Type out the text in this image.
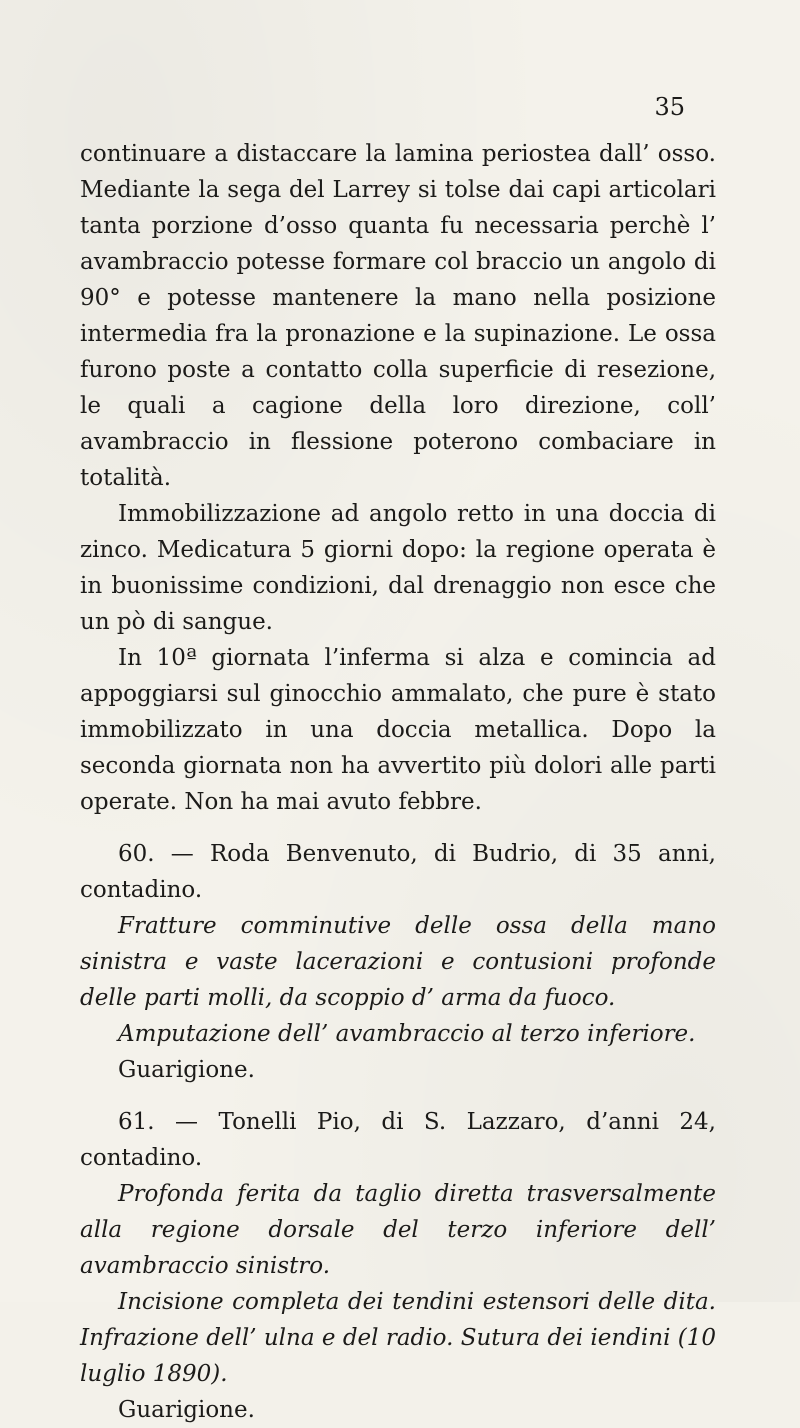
35

continuare a distaccare la lamina periostea dall’ osso. Mediante la sega del Larrey si tolse dai capi articolari tanta porzione d’osso quanta fu necessaria perchè l’ avambraccio potesse formare col braccio un angolo di 90° e potesse mantenere la mano nella posizione intermedia fra la pronazione e la supinazione. Le ossa furono poste a contatto colla superficie di resezione, le quali a cagione della loro direzione, coll’ avambraccio in flessione poterono combaciare in totalità.

Immobilizzazione ad angolo retto in una doccia di zinco. Medicatura 5 giorni dopo: la regione operata è in buonissime condizioni, dal drenaggio non esce che un pò di sangue.

In 10ª giornata l’inferma si alza e comincia ad appoggiarsi sul ginocchio ammalato, che pure è stato immobilizzato in una doccia metallica. Dopo la seconda giornata non ha avvertito più dolori alle parti operate. Non ha mai avuto febbre.

60. — Roda Benvenuto, di Budrio, di 35 anni, contadino.

Fratture comminutive delle ossa della mano sinistra e vaste lacerazioni e contusioni profonde delle parti molli, da scoppio d’ arma da fuoco.

Amputazione dell’ avambraccio al terzo inferiore.

Guarigione.

61. — Tonelli Pio, di S. Lazzaro, d’anni 24, contadino.

Profonda ferita da taglio diretta trasversalmente alla regione dorsale del terzo inferiore dell’ avambraccio sinistro.

Incisione completa dei tendini estensori delle dita. Infrazione dell’ ulna e del radio. Sutura dei iendini (10 luglio 1890).

Guarigione.
